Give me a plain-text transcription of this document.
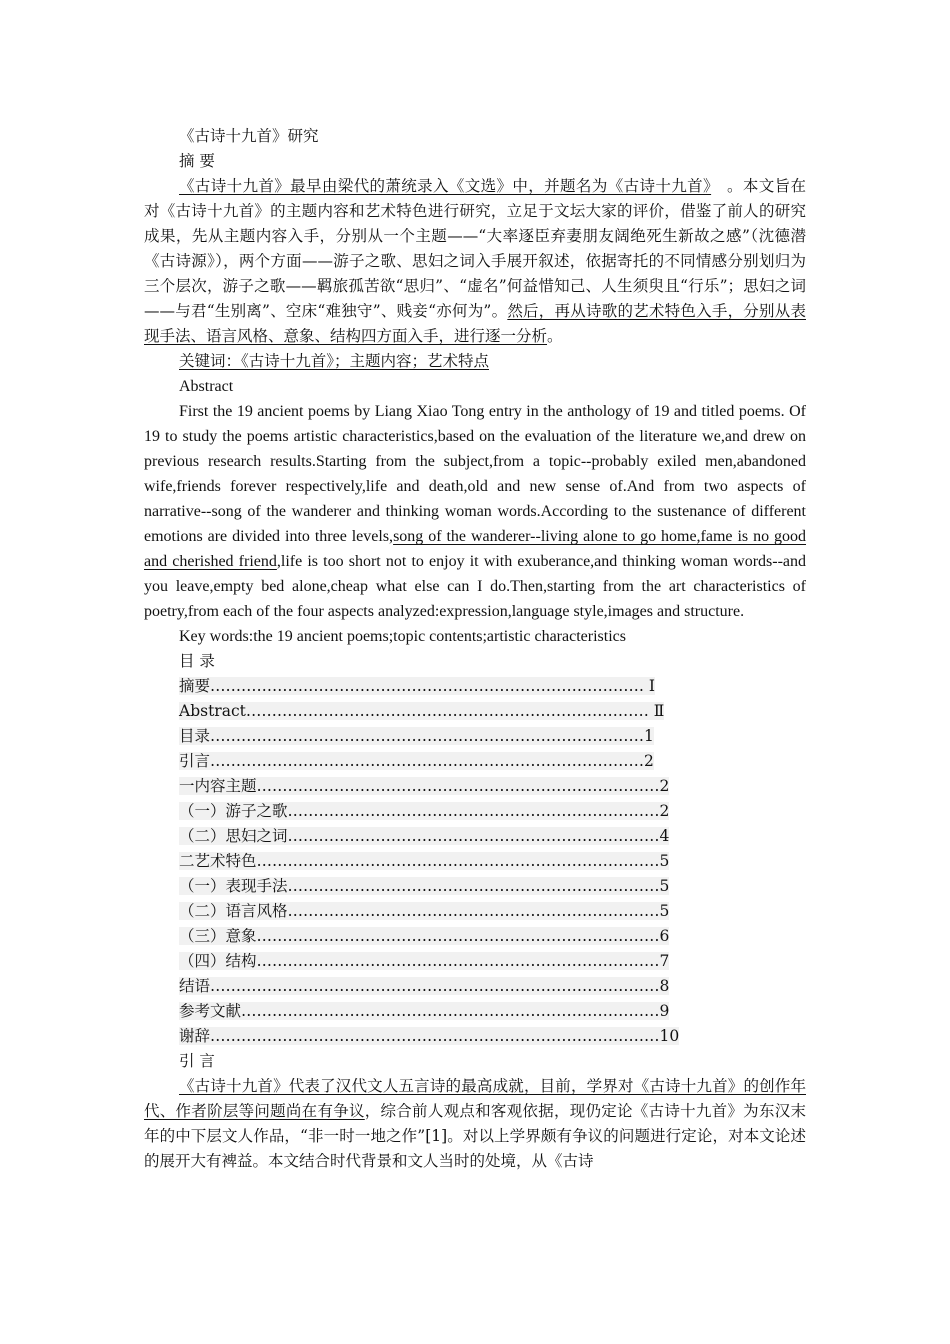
《古诗十九首》研究
摘 要

《古诗十九首》最早由梁代的萧统录入《文选》中，并题名为《古诗十九首》　。本文旨在对《古诗十九首》的主题内容和艺术特色进行研究，立足于文坛大家的评价，借鉴了前人的研究成果，先从主题内容入手，分别从一个主题——“大率逐臣弃妻朋友阔绝死生新故之感”（沈德潜《古诗源》），两个方面——游子之歌、思妇之词入手展开叙述，依据寄托的不同情感分别划归为三个层次，游子之歌——羁旅孤苦欲“思归”、“虚名”何益惜知己、人生须臾且“行乐”；思妇之词——与君“生别离”、空床“难独守”、贱妾“亦何为”。然后，再从诗歌的艺术特色入手，分别从表现手法、语言风格、意象、结构四方面入手，进行逐一分析。

关键词：《古诗十九首》；主题内容；艺术特点
Abstract

First the 19 ancient poems by Liang Xiao Tong entry in the anthology of 19 and titled poems. Of 19 to study the poems artistic characteristics,based on the evaluation of the literature we,and drew on previous research results.Starting from the subject,from a topic--probably exiled men,abandoned wife,friends forever respectively,life and death,old and new sense of.And from two aspects of narrative--song of the wanderer and thinking woman words.According to the sustenance of different emotions are divided into three levels,song of the wanderer--living alone to go home,fame is no good and cherished friend,life is too short not to enjoy it with exuberance,and thinking woman words--and you leave,empty bed alone,cheap what else can I do.Then,starting from the art characteristics of poetry,from each of the four aspects analyzed:expression,language style,images and structure.

Key words:the 19 ancient poems;topic contents;artistic characteristics
目 录
摘要………………………………………………………………………… Ⅰ
Abstract…………………………………………………………………… Ⅱ
目录…………………………………………………………………………1
引言…………………………………………………………………………2
一内容主题……………………………………………………………………2
（一）游子之歌………………………………………………………………2
（二）思妇之词………………………………………………………………4
二艺术特色……………………………………………………………………5
（一）表现手法………………………………………………………………5
（二）语言风格………………………………………………………………5
（三）意象……………………………………………………………………6
（四）结构……………………………………………………………………7
结语……………………………………………………………………………8
参考文献………………………………………………………………………9
谢辞……………………………………………………………………………10
引 言

《古诗十九首》代表了汉代文人五言诗的最高成就，目前，学界对《古诗十九首》的创作年代、作者阶层等问题尚在有争议，综合前人观点和客观依据，现仍定论《古诗十九首》为东汉末年的中下层文人作品，“非一时一地之作”[1]。对以上学界颇有争议的问题进行定论，对本文论述的展开大有裨益。本文结合时代背景和文人当时的处境，从《古诗
